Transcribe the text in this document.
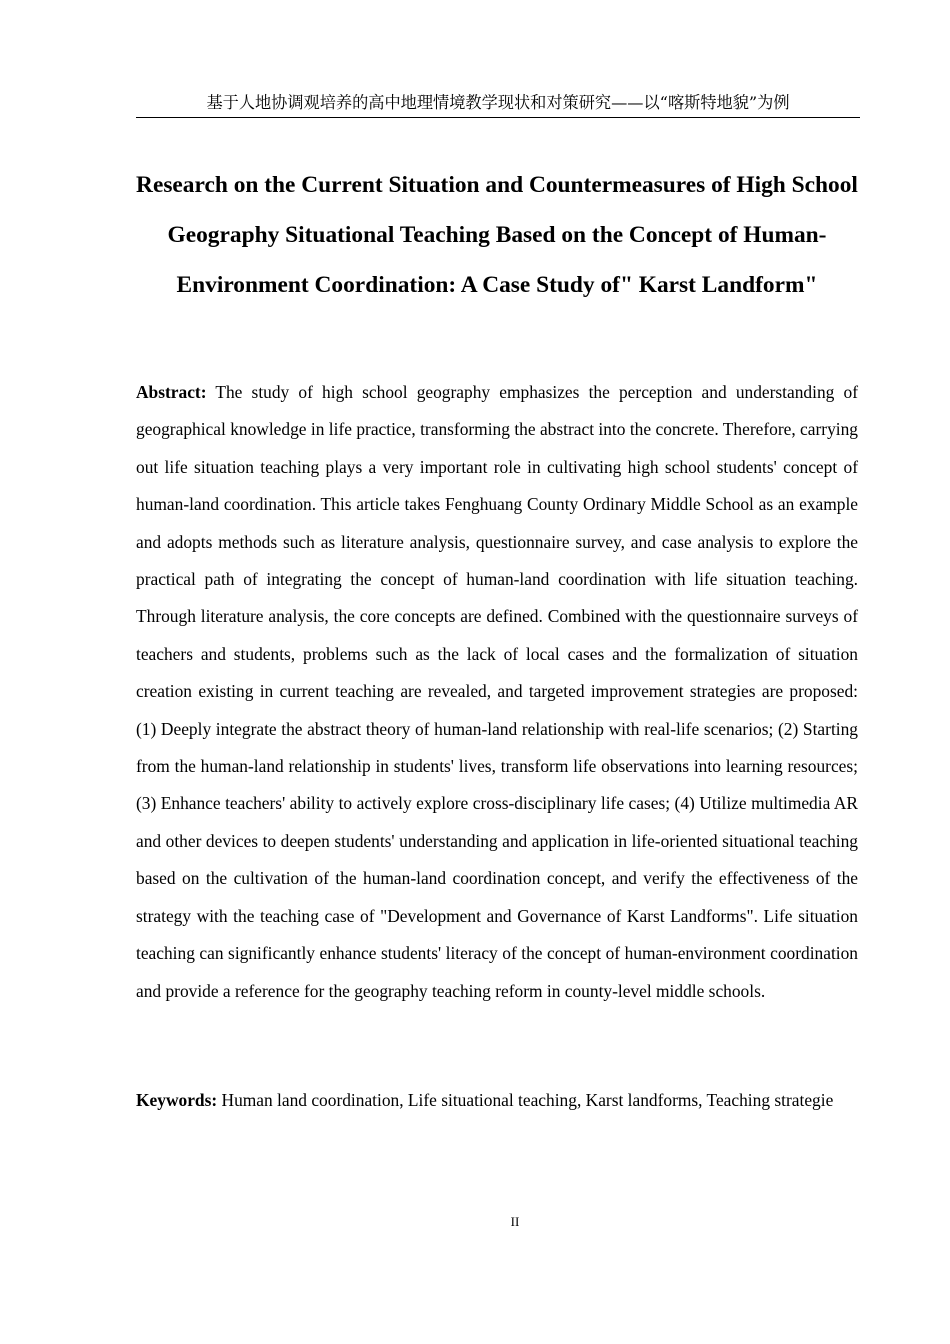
基于人地协调观培养的高中地理情境教学现状和对策研究——以“喀斯特地貌”为例
Research on the Current Situation and Countermeasures of High School Geography Situational Teaching Based on the Concept of Human-Environment Coordination: A Case Study of" Karst Landform"

Abstract: The study of high school geography emphasizes the perception and understanding of geographical knowledge in life practice, transforming the abstract into the concrete. Therefore, carrying out life situation teaching plays a very important role in cultivating high school students' concept of human-land coordination. This article takes Fenghuang County Ordinary Middle School as an example and adopts methods such as literature analysis, questionnaire survey, and case analysis to explore the practical path of integrating the concept of human-land coordination with life situation teaching. Through literature analysis, the core concepts are defined. Combined with the questionnaire surveys of teachers and students, problems such as the lack of local cases and the formalization of situation creation existing in current teaching are revealed, and targeted improvement strategies are proposed: (1) Deeply integrate the abstract theory of human-land relationship with real-life scenarios; (2) Starting from the human-land relationship in students' lives, transform life observations into learning resources; (3) Enhance teachers' ability to actively explore cross-disciplinary life cases; (4) Utilize multimedia AR and other devices to deepen students' understanding and application in life-oriented situational teaching based on the cultivation of the human-land coordination concept, and verify the effectiveness of the strategy with the teaching case of "Development and Governance of Karst Landforms". Life situation teaching can significantly enhance students' literacy of the concept of human-environment coordination and provide a reference for the geography teaching reform in county-level middle schools.

Keywords: Human land coordination, Life situational teaching, Karst landforms, Teaching strategie

II
